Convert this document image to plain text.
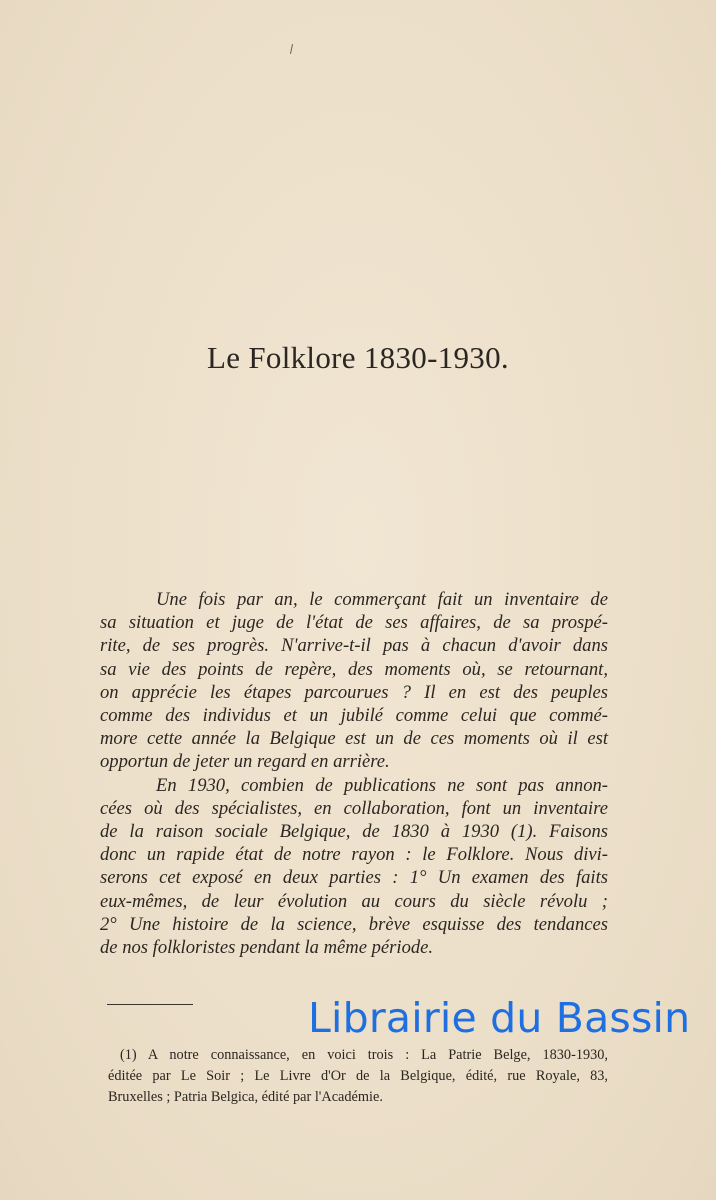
Le Folklore 1830-1930.
Une fois par an, le commerçant fait un inventaire de
sa situation et juge de l'état de ses affaires, de sa prospé-
rite, de ses progrès. N'arrive-t-il pas à chacun d'avoir dans
sa vie des points de repère, des moments où, se retournant,
on apprécie les étapes parcourues ? Il en est des peuples
comme des individus et un jubilé comme celui que commé-
more cette année la Belgique est un de ces moments où il est
opportun de jeter un regard en arrière.
En 1930, combien de publications ne sont pas annon-
cées où des spécialistes, en collaboration, font un inventaire
de la raison sociale Belgique, de 1830 à 1930 (1). Faisons
donc un rapide état de notre rayon : le Folklore. Nous divi-
serons cet exposé en deux parties : 1° Un examen des faits
eux-mêmes, de leur évolution au cours du siècle révolu ;
2° Une histoire de la science, brève esquisse des tendances
de nos folkloristes pendant la même période.
(1) A notre connaissance, en voici trois : La Patrie Belge, 1830-1930,
éditée par Le Soir ; Le Livre d'Or de la Belgique, édité, rue Royale, 83,
Bruxelles ; Patria Belgica, édité par l'Académie.
Librairie du Bassin
